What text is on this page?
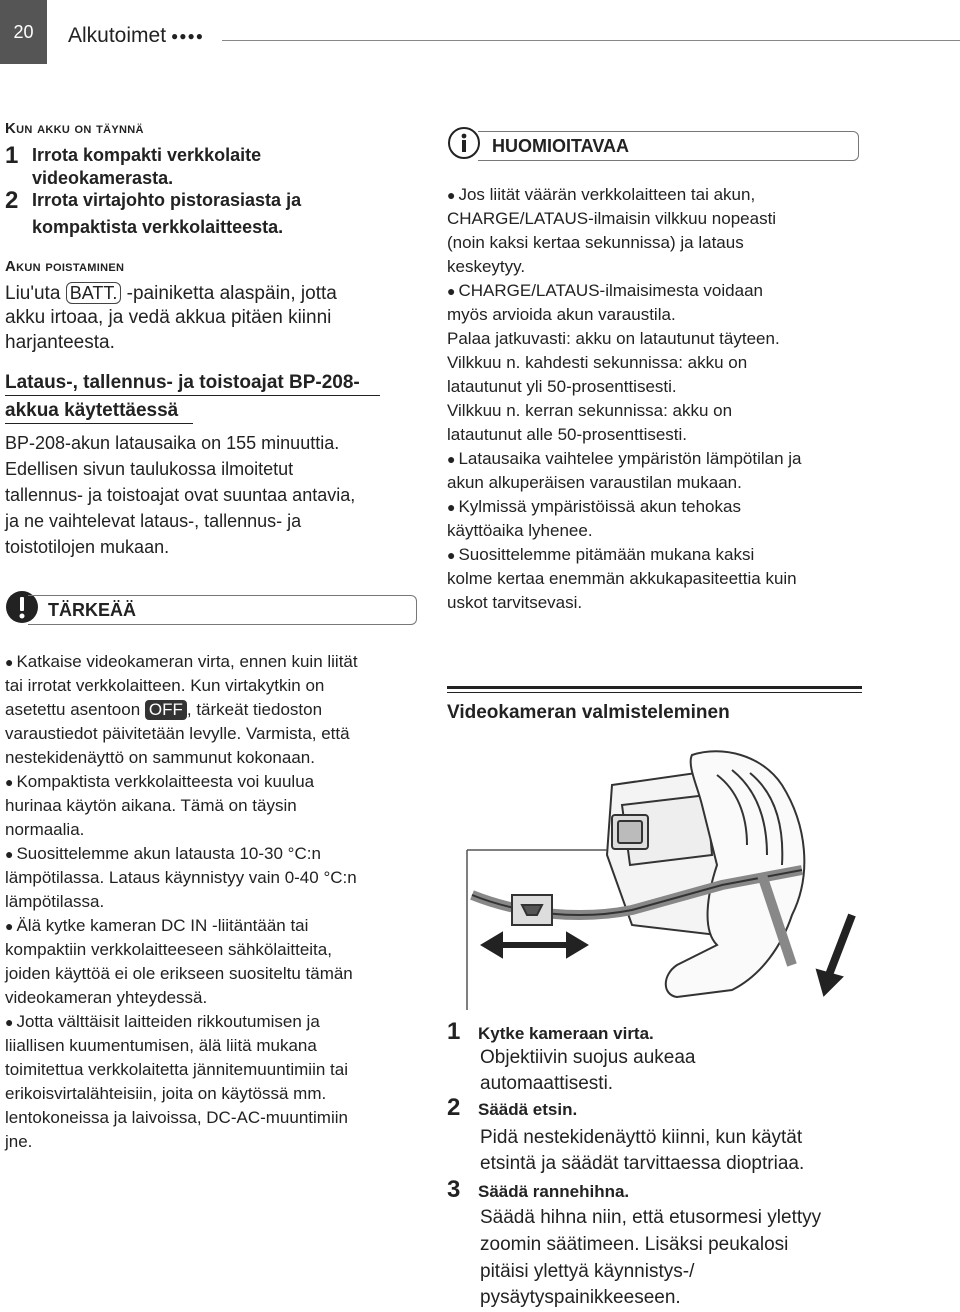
20	Alkutoimet ●●●●
Kun akku on täynnä
1 Irrota kompakti verkkolaite
videokamerasta.
2 Irrota virtajohto pistorasiasta ja
kompaktista verkkolaitteesta.
Akun poistaminen
Liu'uta BATT. -painiketta alaspäin, jotta
akku irtoaa, ja vedä akkua pitäen kiinni
harjanteesta.
Lataus-, tallennus- ja toistoajat BP-208-
akkua käytettäessä
BP-208-akun latausaika on 155 minuuttia.
Edellisen sivun taulukossa ilmoitetut
tallennus- ja toistoajat ovat suuntaa antavia,
ja ne vaihtelevat lataus-, tallennus- ja
toistotilojen mukaan.
TÄRKEÄÄ
● Katkaise videokameran virta, ennen kuin liität
tai irrotat verkkolaitteen. Kun virtakytkin on
asetettu asentoon OFF , tärkeät tiedoston
varaustiedot päivitetään levylle. Varmista, että
nestekidenäyttö on sammunut kokonaan.
● Kompaktista verkkolaitteesta voi kuulua
hurinaa käytön aikana. Tämä on täysin
normaalia.
● Suosittelemme akun latausta 10-30 °C:n
lämpötilassa. Lataus käynnistyy vain 0-40 °C:n
lämpötilassa.
● Älä kytke kameran DC IN -liitäntään tai
kompaktiin verkkolaitteeseen sähkölaitteita,
joiden käyttöä ei ole erikseen suositeltu tämän
videokameran yhteydessä.
● Jotta välttäisit laitteiden rikkoutumisen ja
liiallisen kuumentumisen, älä liitä mukana
toimitettua verkkolaitetta jännitemuuntimiin tai
erikoisvirtalähteisiin, joita on käytössä mm.
lentokoneissa ja laivoissa, DC-AC-muuntimiin
jne.
HUOMIOITAVAA
● Jos liität väärän verkkolaitteen tai akun,
CHARGE/LATAUS-ilmaisin vilkkuu nopeasti
(noin kaksi kertaa sekunnissa) ja lataus
keskeytyy.
● CHARGE/LATAUS-ilmaisimesta voidaan
myös arvioida akun varaustila.
Palaa jatkuvasti: akku on latautunut täyteen.
Vilkkuu n. kahdesti sekunnissa: akku on
latautunut yli 50-prosenttisesti.
Vilkkuu n. kerran sekunnissa: akku on
latautunut alle 50-prosenttisesti.
● Latausaika vaihtelee ympäristön lämpötilan ja
akun alkuperäisen varaustilan mukaan.
● Kylmissä ympäristöissä akun tehokas
käyttöaika lyhenee.
● Suosittelemme pitämään mukana kaksi
kolme kertaa enemmän akkukapasiteettia kuin
uskot tarvitsevasi.
Videokameran valmisteleminen
1 Kytke kameraan virta.
Objektiivin suojus aukeaa
automaattisesti.
2 Säädä etsin.
Pidä nestekidenäyttö kiinni, kun käytät
etsintä ja säädät tarvittaessa dioptriaa.
3 Säädä rannehihna.
Säädä hihna niin, että etusormesi ylettyy
zoomin säätimeen. Lisäksi peukalosi
pitäisi ylettyä käynnistys-/
pysäytyspainikkeeseen.
